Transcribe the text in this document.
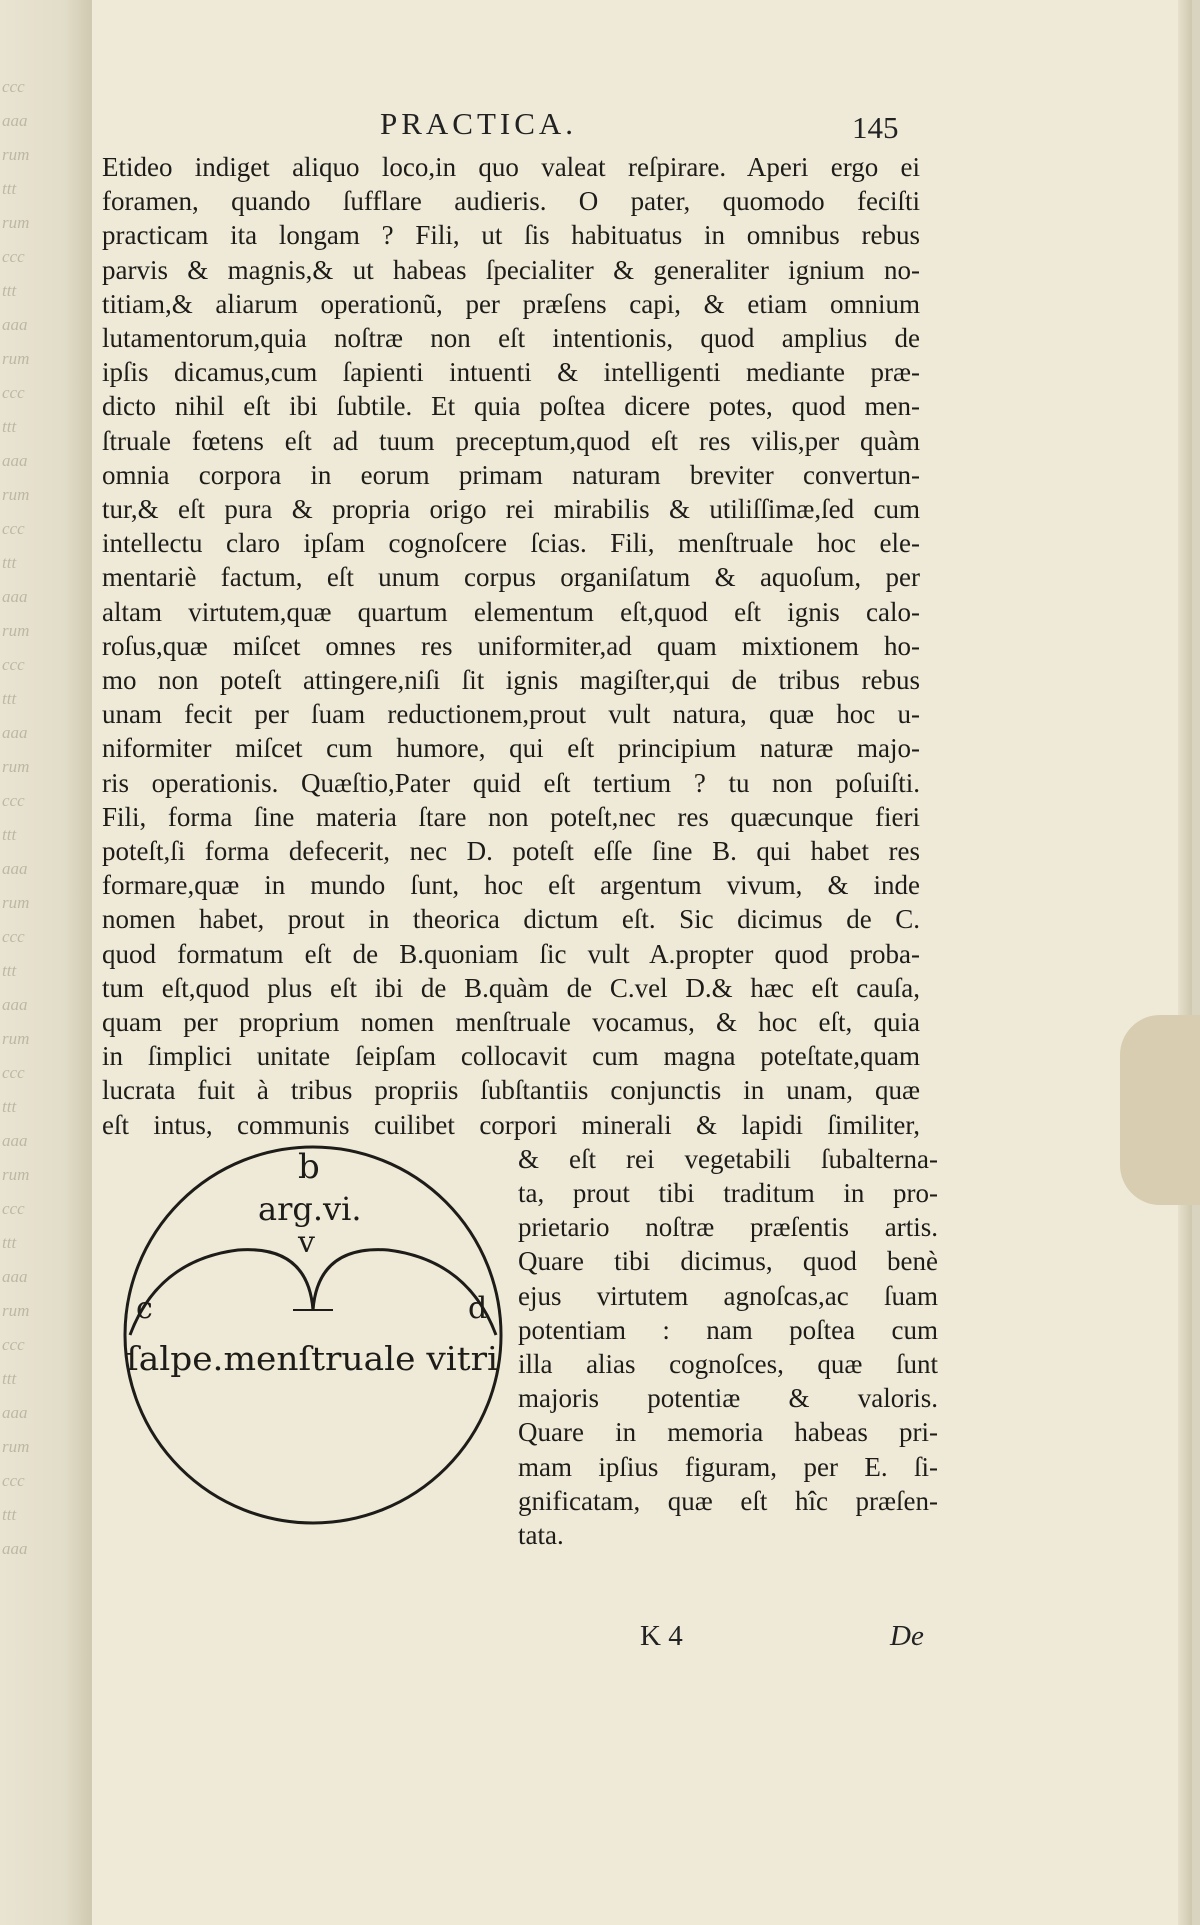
ccc
aaa
rum
ttt
rum
ccc
ttt
aaa
rum
ccc
ttt
aaa
rum
ccc
ttt
aaa
rum
ccc
ttt
aaa
rum
ccc
ttt
aaa
rum
ccc
ttt
aaa
rum
ccc
ttt
aaa
rum
ccc
ttt
aaa
rum
ccc
ttt
aaa
rum
ccc
ttt
aaa
PRACTICA.	145
Etideo indiget aliquo loco,in quo valeat reſpirare. Aperi ergo ei
foramen, quando ſufflare audieris. O pater, quomodo feciſti
practicam ita longam ? Fili, ut ſis habituatus in omnibus rebus
parvis & magnis,& ut habeas ſpecialiter & generaliter ignium no-
titiam,& aliarum operationũ, per præſens capi, & etiam omnium
lutamentorum,quia noſtræ non eſt intentionis, quod amplius de
ipſis dicamus,cum ſapienti intuenti & intelligenti mediante præ-
dicto nihil eſt ibi ſubtile. Et quia poſtea dicere potes, quod men-
ſtruale fœtens eſt ad tuum preceptum,quod eſt res vilis,per quàm
omnia corpora in eorum primam naturam breviter convertun-
tur,& eſt pura & propria origo rei mirabilis & utiliſſimæ,ſed cum
intellectu claro ipſam cognoſcere ſcias. Fili, menſtruale hoc ele-
mentariè factum, eſt unum corpus organiſatum & aquoſum, per
altam virtutem,quæ quartum elementum eſt,quod eſt ignis calo-
roſus,quæ miſcet omnes res uniformiter,ad quam mixtionem ho-
mo non poteſt attingere,niſi ſit ignis magiſter,qui de tribus rebus
unam fecit per ſuam reductionem,prout vult natura, quæ hoc u-
niformiter miſcet cum humore, qui eſt principium naturæ majo-
ris operationis. Quæſtio,Pater quid eſt tertium ? tu non poſuiſti.
Fili, forma ſine materia ſtare non poteſt,nec res quæcunque fieri
poteſt,ſi forma defecerit, nec D. poteſt eſſe ſine B. qui habet res
formare,quæ in mundo ſunt, hoc eſt argentum vivum, & inde
nomen habet, prout in theorica dictum eſt. Sic dicimus de C.
quod formatum eſt de B.quoniam ſic vult A.propter quod proba-
tum eſt,quod plus eſt ibi de B.quàm de C.vel D.& hæc eſt cauſa,
quam per proprium nomen menſtruale vocamus, & hoc eſt, quia
in ſimplici unitate ſeipſam collocavit cum magna poteſtate,quam
lucrata fuit à tribus propriis ſubſtantiis conjunctis in unam, quæ
eſt intus, communis cuilibet corpori minerali & lapidi ſimiliter,
& eſt rei vegetabili ſubalterna-
ta, prout tibi traditum in pro-
prietario noſtræ præſentis artis.
Quare tibi dicimus, quod benè
ejus virtutem agnoſcas,ac ſuam
potentiam : nam poſtea cum
illa alias cognoſces, quæ ſunt
majoris potentiæ & valoris.
Quare in memoria habeas pri-
mam ipſius figuram, per E. ſi-
gnificatam, quæ eſt hîc præſen-
tata.
b
arg.vi.
v
c	d
ſalpe.menſtruale vitri
K 4	De
